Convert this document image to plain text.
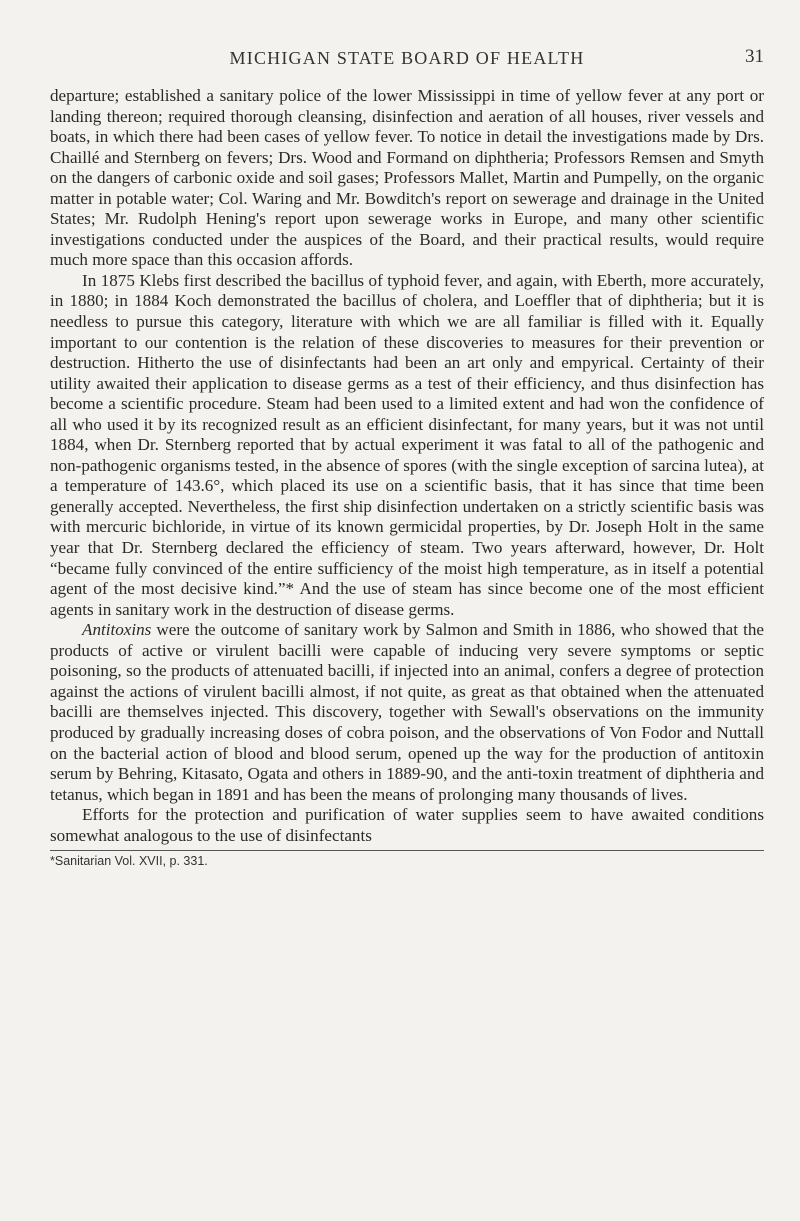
MICHIGAN STATE BOARD OF HEALTH	31

departure; established a sanitary police of the lower Mississippi in time of yellow fever at any port or landing thereon; required thorough cleansing, disinfection and aeration of all houses, river vessels and boats, in which there had been cases of yellow fever. To notice in detail the investigations made by Drs. Chaillé and Sternberg on fevers; Drs. Wood and Formand on diphtheria; Professors Remsen and Smyth on the dangers of carbonic oxide and soil gases; Professors Mallet, Martin and Pumpelly, on the organic matter in potable water; Col. Waring and Mr. Bowditch's report on sewerage and drainage in the United States; Mr. Rudolph Hening's report upon sewerage works in Europe, and many other scientific investigations conducted under the auspices of the Board, and their practical results, would require much more space than this occasion affords.

In 1875 Klebs first described the bacillus of typhoid fever, and again, with Eberth, more accurately, in 1880; in 1884 Koch demonstrated the bacillus of cholera, and Loeffler that of diphtheria; but it is needless to pursue this category, literature with which we are all familiar is filled with it. Equally important to our contention is the relation of these discoveries to measures for their prevention or destruction. Hitherto the use of disinfectants had been an art only and empyrical. Certainty of their utility awaited their application to disease germs as a test of their efficiency, and thus disinfection has become a scientific procedure. Steam had been used to a limited extent and had won the confidence of all who used it by its recognized result as an efficient disinfectant, for many years, but it was not until 1884, when Dr. Sternberg reported that by actual experiment it was fatal to all of the pathogenic and non-pathogenic organisms tested, in the absence of spores (with the single exception of sarcina lutea), at a temperature of 143.6°, which placed its use on a scientific basis, that it has since that time been generally accepted. Nevertheless, the first ship disinfection undertaken on a strictly scientific basis was with mercuric bichloride, in virtue of its known germicidal properties, by Dr. Joseph Holt in the same year that Dr. Sternberg declared the efficiency of steam. Two years afterward, however, Dr. Holt “became fully convinced of the entire sufficiency of the moist high temperature, as in itself a potential agent of the most decisive kind.”* And the use of steam has since become one of the most efficient agents in sanitary work in the destruction of disease germs.

Antitoxins were the outcome of sanitary work by Salmon and Smith in 1886, who showed that the products of active or virulent bacilli were capable of inducing very severe symptoms or septic poisoning, so the products of attenuated bacilli, if injected into an animal, confers a degree of protection against the actions of virulent bacilli almost, if not quite, as great as that obtained when the attenuated bacilli are themselves injected. This discovery, together with Sewall's observations on the immunity produced by gradually increasing doses of cobra poison, and the observations of Von Fodor and Nuttall on the bacterial action of blood and blood serum, opened up the way for the production of antitoxin serum by Behring, Kitasato, Ogata and others in 1889-90, and the anti-toxin treatment of diphtheria and tetanus, which began in 1891 and has been the means of prolonging many thousands of lives.

Efforts for the protection and purification of water supplies seem to have awaited conditions somewhat analogous to the use of disinfectants

*Sanitarian Vol. XVII, p. 331.
